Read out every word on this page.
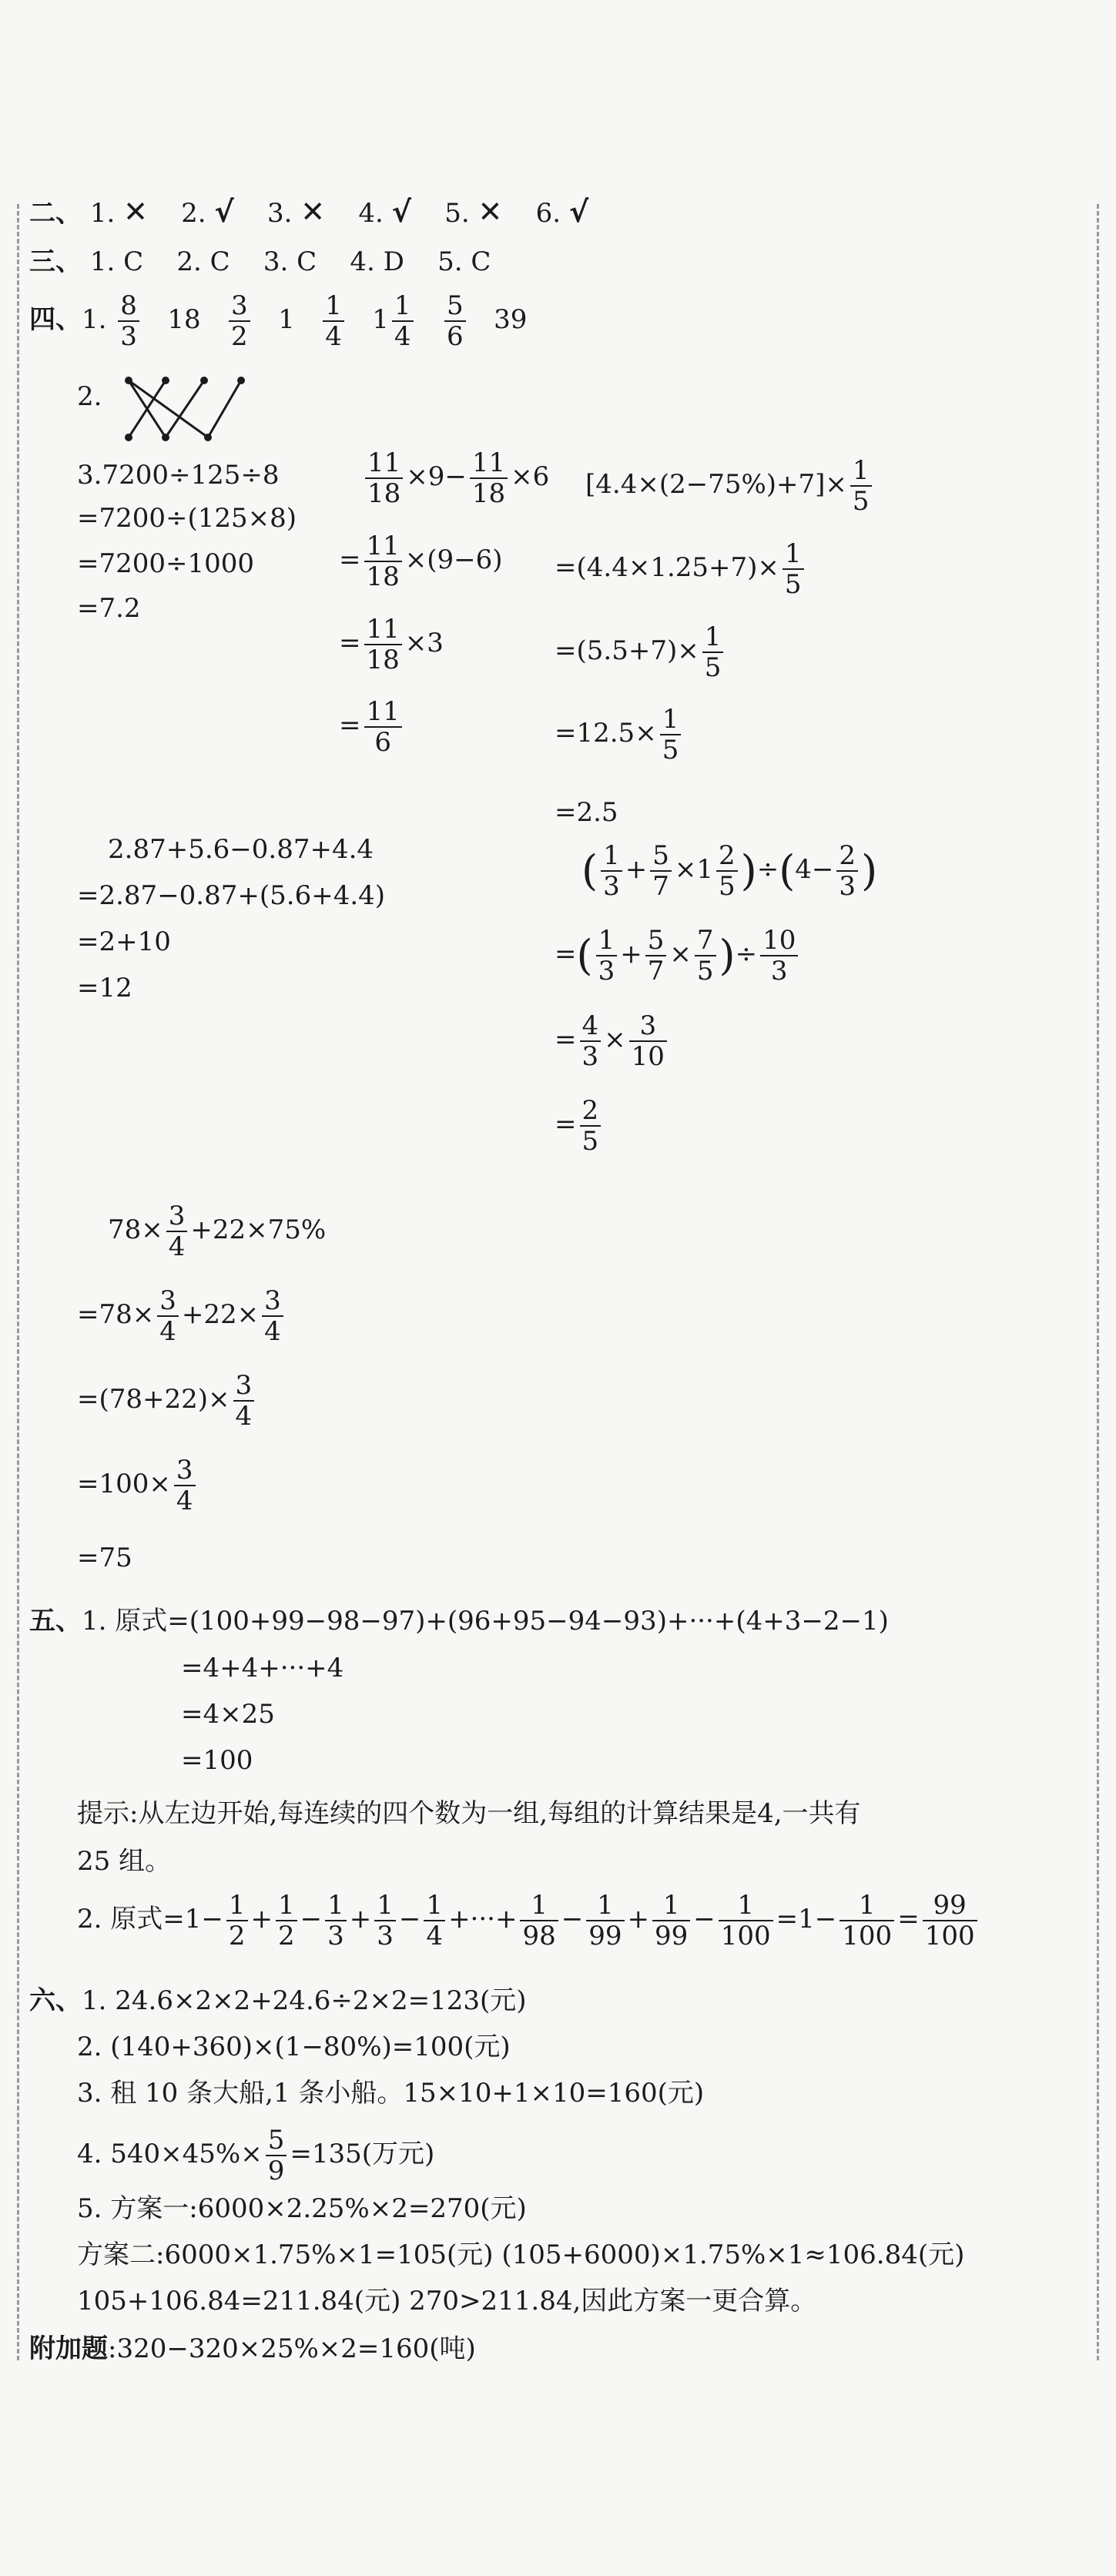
二、 1. ✕ 2. √ 3. ✕ 4. √ 5. ✕ 6. √
三、 1. C 2. C 3. C 4. D 5. C
四、1. $\frac{8}{3} 18 \frac{3}{2} 1 \frac{1}{4} 1 \frac{1}{4}$
$\frac{5}{6} 39$
2.
3.7200÷125÷8
=7200÷(125×8)
=7200÷1000
=7.2
$\frac{11}{18} \times 9- \frac{11}{18} \times 6$
= $\frac{11}{18} \times(9-6)$
= $\frac{11}{18} \times 3$
= $\frac{11}{6}$
$[4.4\times(2-75\%)+7]\times \frac{1}{5}$
$=(4.4\times 1.25+7)\times \frac{1}{5}$
$=(5.5+7)\times \frac{1}{5}$
$=12.5\times \frac{1}{5}$
=2.5
2.87+5.6−0.87+4.4
=2.87−0.87+(5.6+4.4)
=2+10
=12
( $\frac{1}{3} + \frac{5}{7} \times 1 \frac{2}{5} )\div(4- \frac{2}{3}$ )
=( $\frac{1}{3} + \frac{5}{7} \times \frac{7}{5}$ )÷ $\frac{10}{3}$
= $\frac{4}{3} \times \frac{3}{10}$
= $\frac{2}{5}$
$78\times \frac{3}{4} +22\times 75\%$
$=78\times \frac{3}{4} +22\times \frac{3}{4}$
$=(78+22)\times \frac{3}{4}$
$=100\times \frac{3}{4}$
=75
五、1. 原式=(100+99−98−97)+(96+95−94−93)+···+(4+3−2−1)
=4+4+···+4
=4×25
=100
提示:从左边开始,每连续的四个数为一组,每组的计算结果是4,一共有
25 组。
2. 原式$=1- \frac{1}{2} + \frac{1}{2} - \frac{1}{3} + \frac{1}{3} - \frac{1}{4}$ +···+ $\frac{1}{98} - \frac{1}{99} + \frac{1}{99} - \frac{1}{100} =1- \frac{1}{100} = \frac{99}{100}$
六、1. 24.6×2×2+24.6÷2×2=123(元)
2. (140+360)×(1−80%)=100(元)
3. 租 10 条大船,1 条小船。15×10+1×10=160(元)
4. $540\times 45\%\times \frac{5}{9} =135$(万元)
5. 方案一:6000×2.25%×2=270(元)
方案二:6000×1.75%×1=105(元) (105+6000)×1.75%×1≈106.84(元)
105+106.84=211.84(元) 270>211.84,因此方案一更合算。
附加题:320−320×25%×2=160(吨)
